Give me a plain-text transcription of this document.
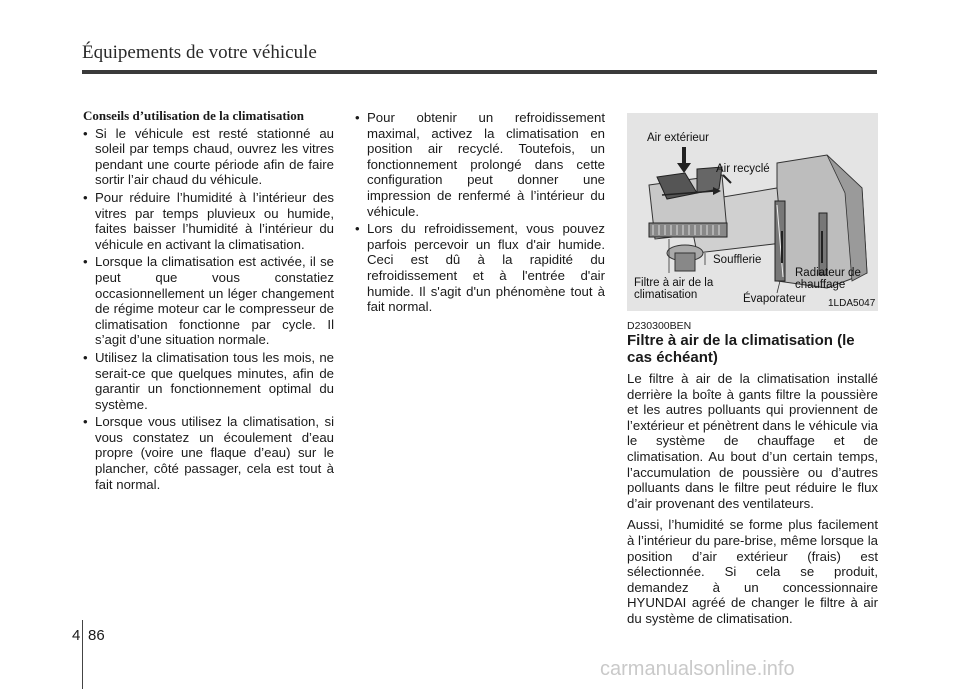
Équipements de votre véhicule
Conseils d’utilisation de la climatisation
• Si le véhicule est resté stationné au soleil par temps chaud, ouvrez les vitres pendant une courte période afin de faire sortir l’air chaud du véhicule.
• Pour réduire l’humidité à l’intérieur des vitres par temps pluvieux ou humide, faites baisser l’humidité à l’intérieur du véhicule en activant la climatisation.
• Lorsque la climatisation est activée, il se peut que vous constatiez occasionnellement un léger changement de régime moteur car le compresseur de climatisation fonctionne par cycle. Il s’agit d’une situation normale.
• Utilisez la climatisation tous les mois, ne serait-ce que quelques minutes, afin de garantir un fonctionnement optimal du système.
• Lorsque vous utilisez la climatisation, si vous constatez un écoulement d’eau propre (voire une flaque d’eau) sur le plancher, côté passager, cela est tout à fait normal.
• Pour obtenir un refroidissement maximal, activez la climatisation en position air recyclé. Toutefois, un fonctionnement prolongé dans cette configuration peut donner une impression de renfermé à l’intérieur du véhicule.
• Lors du refroidissement, vous pouvez parfois percevoir un flux d'air humide. Ceci est dû à la rapidité du refroidissement et à l'entrée d'air humide. Il s'agit d'un phénomène tout à fait normal.
Air extérieur
Air recyclé
Soufflerie
Filtre à air de la climatisation	Évaporateur
Radiateur de chauffage
1LDA5047
D230300BEN
Filtre à air de la climatisation (le cas échéant)

Le filtre à air de la climatisation installé derrière la boîte à gants filtre la poussière et les autres polluants qui proviennent de l’extérieur et pénètrent dans le véhicule via le système de chauffage et de climatisation. Au bout d’un certain temps, l’accumulation de poussière ou d’autres polluants dans le filtre peut réduire le flux d’air provenant des ventilateurs.

Aussi, l’humidité se forme plus facilement à l’intérieur du pare-brise, même lorsque la position d’air extérieur (frais) est sélectionnée. Si cela se produit, demandez à un concessionnaire HYUNDAI agréé de changer le filtre à air du système de climatisation.

4 86
carmanualsonline.info
